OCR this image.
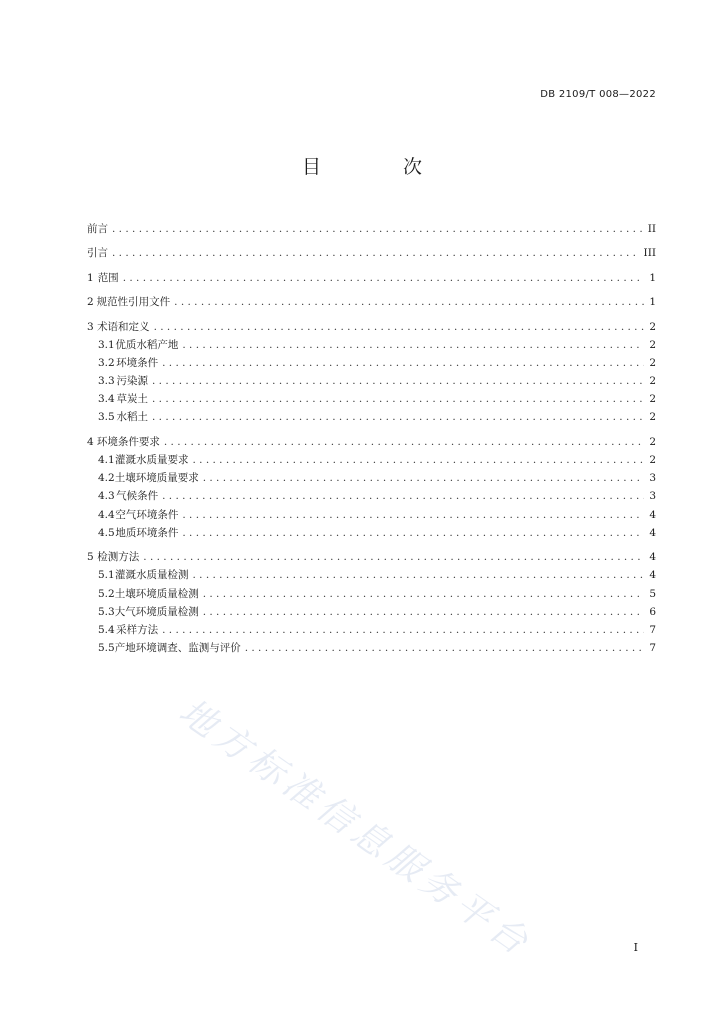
DB 2109/T 008—2022
目 次
前言 . . .	II
引言 . . .	III
1 范围 . . .	1
2 规范性引用文件 . . .	1
3 术语和定义 . . .	2
3.1 优质水稻产地 . . .	2
3.2 环境条件 . . .	2
3.3 污染源 . . .	2
3.4 草炭土 . . .	2
3.5 水稻土 . . .	2
4 环境条件要求 . . .	2
4.1 灌溉水质量要求 . . .	2
4.2 土壤环境质量要求 . . .	3
4.3 气候条件 . . .	3
4.4 空气环境条件 . . .	4
4.5 地质环境条件 . . .	4
5 检测方法 . . .	4
5.1 灌溉水质量检测 . . .	4
5.2 土壤环境质量检测 . . .	5
5.3 大气环境质量检测 . . .	6
5.4 采样方法 . . .	7
5.5 产地环境调查、监测与评价 . . .	7
地方标准信息服务平台	I
